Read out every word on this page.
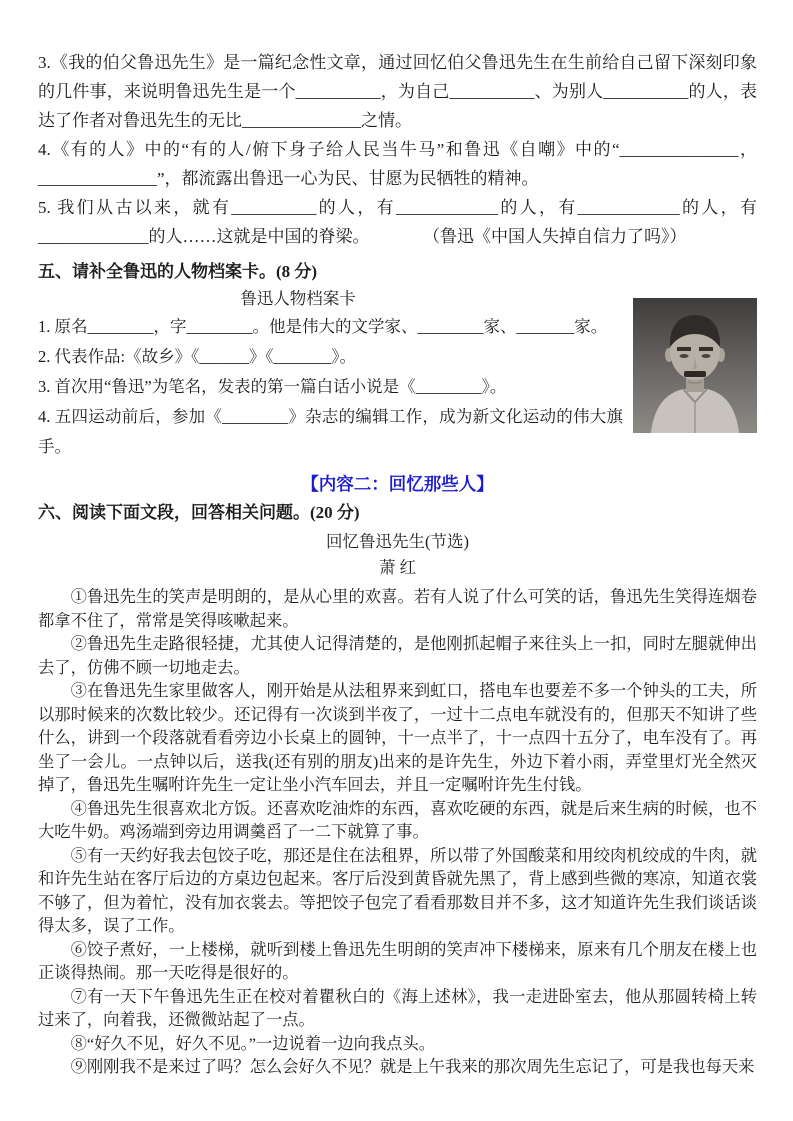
3.《我的伯父鲁迅先生》是一篇纪念性文章，通过回忆伯父鲁迅先生在生前给自己留下深刻印象的几件事，来说明鲁迅先生是一个__________，为自己__________、为别人__________的人，表达了作者对鲁迅先生的无比______________之情。

4.《有的人》中的“有的人/俯下身子给人民当牛马”和鲁迅《自嘲》中的“______________，______________”，都流露出鲁迅一心为民、甘愿为民牺牲的精神。

5. 我们从古以来，就有__________的人，有____________的人，有____________的人，有_____________的人……这就是中国的脊梁。	（鲁迅《中国人失掉自信力了吗》）

五、请补全鲁迅的人物档案卡。(8 分)
鲁迅人物档案卡

1. 原名________，字________。他是伟大的文学家、________家、_______家。

2. 代表作品:《故乡》《______》《_______》。

3. 首次用“鲁迅”为笔名，发表的第一篇白话小说是《________》。

4. 五四运动前后，参加《________》杂志的编辑工作，成为新文化运动的伟大旗手。

【内容二：回忆那些人】
六、阅读下面文段，回答相关问题。(20 分)
回忆鲁迅先生(节选)
萧 红

①鲁迅先生的笑声是明朗的，是从心里的欢喜。若有人说了什么可笑的话，鲁迅先生笑得连烟卷都拿不住了，常常是笑得咳嗽起来。

②鲁迅先生走路很轻捷，尤其使人记得清楚的，是他刚抓起帽子来往头上一扣，同时左腿就伸出去了，仿佛不顾一切地走去。

③在鲁迅先生家里做客人，刚开始是从法租界来到虹口，搭电车也要差不多一个钟头的工夫，所以那时候来的次数比较少。还记得有一次谈到半夜了，一过十二点电车就没有的，但那天不知讲了些什么，讲到一个段落就看看旁边小长桌上的圆钟，十一点半了，十一点四十五分了，电车没有了。再坐了一会儿。一点钟以后，送我(还有别的朋友)出来的是许先生，外边下着小雨，弄堂里灯光全然灭掉了，鲁迅先生嘱咐许先生一定让坐小汽车回去，并且一定嘱咐许先生付钱。

④鲁迅先生很喜欢北方饭。还喜欢吃油炸的东西，喜欢吃硬的东西，就是后来生病的时候，也不大吃牛奶。鸡汤端到旁边用调羹舀了一二下就算了事。

⑤有一天约好我去包饺子吃，那还是住在法租界，所以带了外国酸菜和用绞肉机绞成的牛肉，就和许先生站在客厅后边的方桌边包起来。客厅后没到黄昏就先黑了，背上感到些微的寒凉，知道衣裳不够了，但为着忙，没有加衣裳去。等把饺子包完了看看那数目并不多，这才知道许先生我们谈话谈得太多，误了工作。

⑥饺子煮好，一上楼梯，就听到楼上鲁迅先生明朗的笑声冲下楼梯来，原来有几个朋友在楼上也正谈得热闹。那一天吃得是很好的。

⑦有一天下午鲁迅先生正在校对着瞿秋白的《海上述林》，我一走进卧室去，他从那圆转椅上转过来了，向着我，还微微站起了一点。

⑧“好久不见，好久不见。”一边说着一边向我点头。

⑨刚刚我不是来过了吗？怎么会好久不见？就是上午我来的那次周先生忘记了，可是我也每天来
